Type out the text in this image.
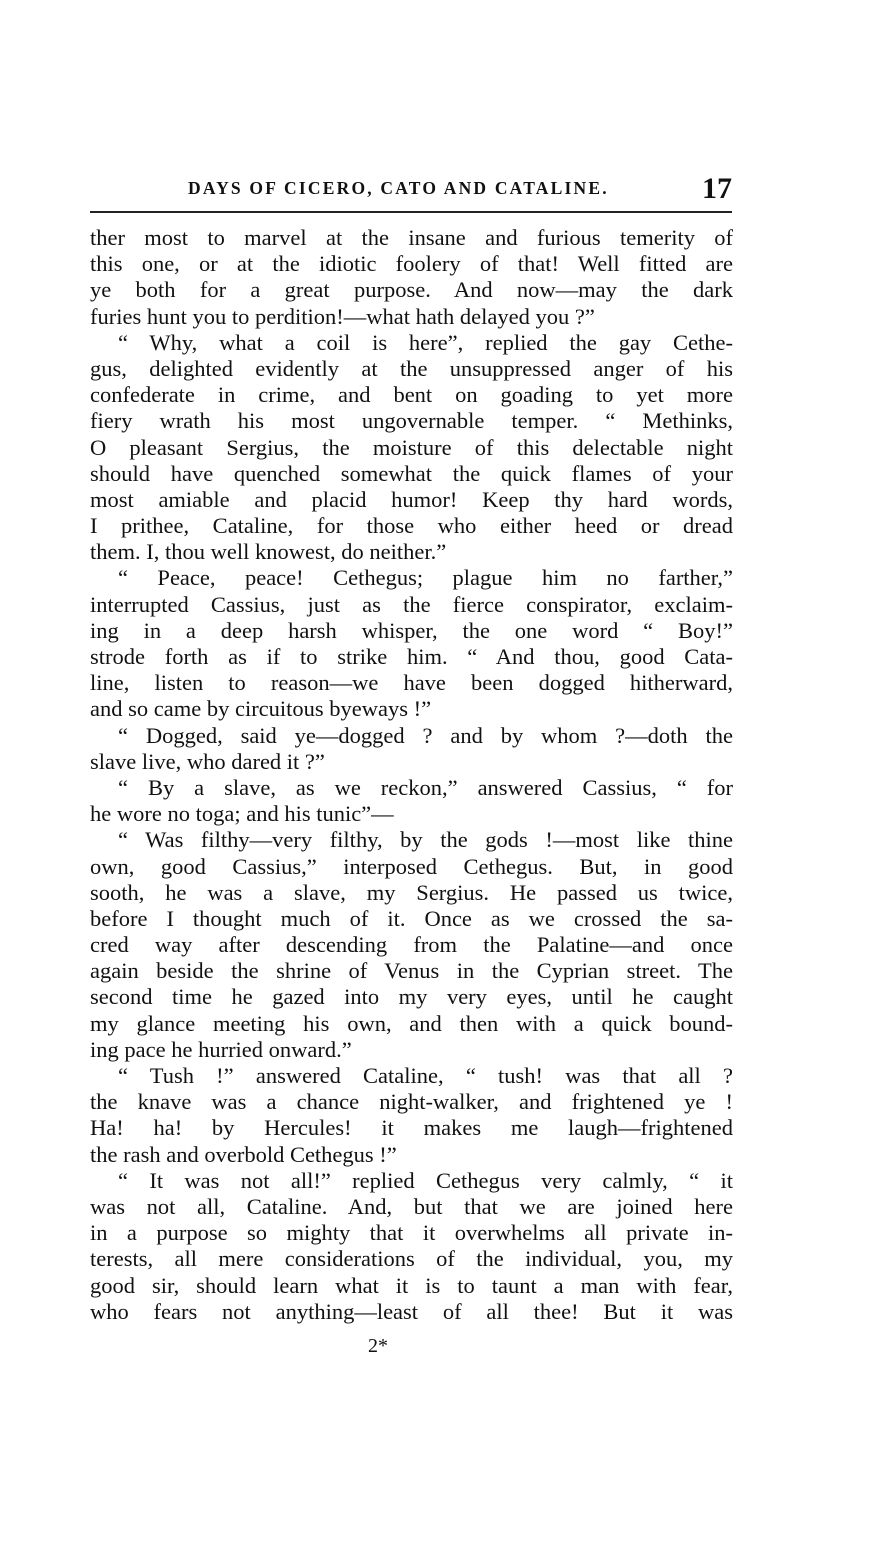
DAYS OF CICERO, CATO AND CATALINE.	17
ther most to marvel at the insane and furious temerity of
this one, or at the idiotic foolery of that! Well fitted are
ye both for a great purpose. And now—may the dark
furies hunt you to perdition!—what hath delayed you ?”
“ Why, what a coil is here”, replied the gay Cethe-
gus, delighted evidently at the unsuppressed anger of his
confederate in crime, and bent on goading to yet more
fiery wrath his most ungovernable temper. “ Methinks,
O pleasant Sergius, the moisture of this delectable night
should have quenched somewhat the quick flames of your
most amiable and placid humor! Keep thy hard words,
I prithee, Cataline, for those who either heed or dread
them. I, thou well knowest, do neither.”
“ Peace, peace! Cethegus; plague him no farther,”
interrupted Cassius, just as the fierce conspirator, exclaim-
ing in a deep harsh whisper, the one word “ Boy!”
strode forth as if to strike him. “ And thou, good Cata-
line, listen to reason—we have been dogged hitherward,
and so came by circuitous byeways !”
“ Dogged, said ye—dogged ? and by whom ?—doth the
slave live, who dared it ?”
“ By a slave, as we reckon,” answered Cassius, “ for
he wore no toga; and his tunic”—
“ Was filthy—very filthy, by the gods !—most like thine
own, good Cassius,” interposed Cethegus. But, in good
sooth, he was a slave, my Sergius. He passed us twice,
before I thought much of it. Once as we crossed the sa-
cred way after descending from the Palatine—and once
again beside the shrine of Venus in the Cyprian street. The
second time he gazed into my very eyes, until he caught
my glance meeting his own, and then with a quick bound-
ing pace he hurried onward.”
“ Tush !” answered Cataline, “ tush! was that all ?
the knave was a chance night-walker, and frightened ye !
Ha! ha! by Hercules! it makes me laugh—frightened
the rash and overbold Cethegus !”
“ It was not all!” replied Cethegus very calmly, “ it
was not all, Cataline. And, but that we are joined here
in a purpose so mighty that it overwhelms all private in-
terests, all mere considerations of the individual, you, my
good sir, should learn what it is to taunt a man with fear,
who fears not anything—least of all thee! But it was
2*
